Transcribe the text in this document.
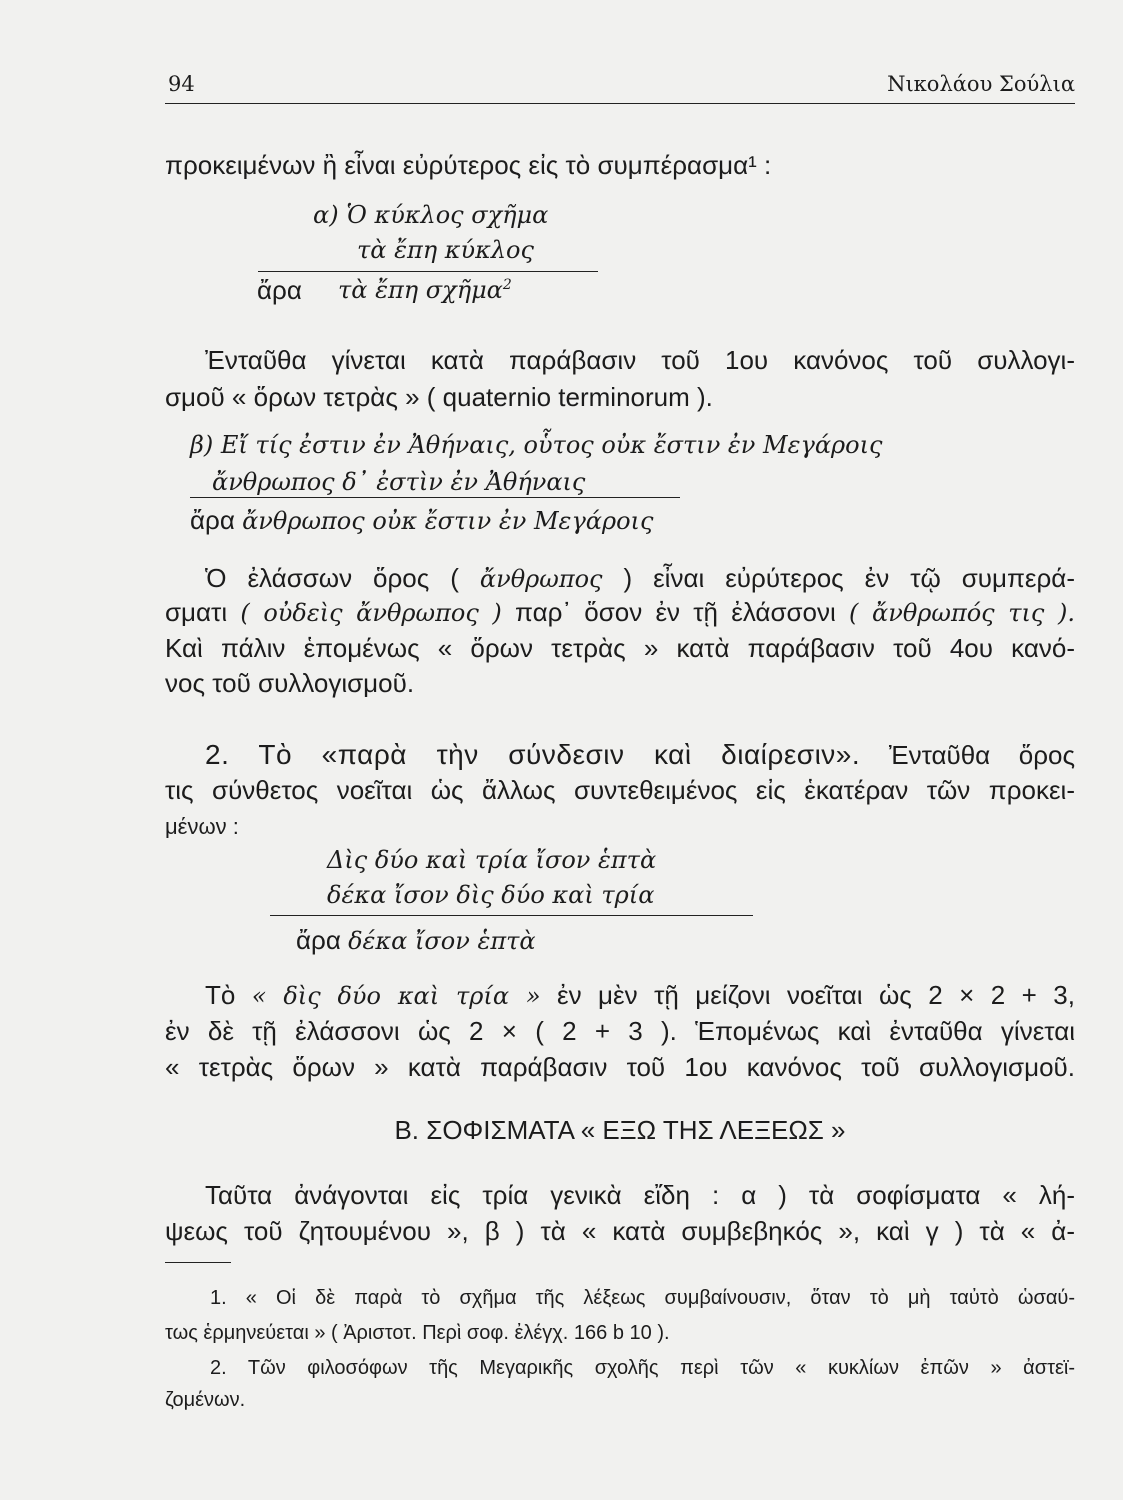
94	Νικολάου Σούλια
προκειμένων ἢ εἶναι εὐρύτερος εἰς τὸ συμπέρασμα¹ :
α) Ὁ κύκλος σχῆμα
τὰ ἔπη κύκλος
ἄρα τὰ ἔπη σχῆμα$^2$
Ἐνταῦθα γίνεται κατὰ παράβασιν τοῦ 1ου κανόνος τοῦ συλλογι-
σμοῦ « ὅρων τετρὰς » ( quaternio terminorum ).
β) Εἴ τίς ἐστιν ἐν Ἀθήναις, οὗτος οὐκ ἔστιν ἐν Μεγάροις
ἄνθρωπος δ᾽ ἐστὶν ἐν Ἀθήναις
ἄρα ἄνθρωπος οὐκ ἔστιν ἐν Μεγάροις
Ὁ ἐλάσσων ὅρος ( ἄνθρωπος ) εἶναι εὐρύτερος ἐν τῷ συμπερά-
σματι ( οὐδεὶς ἄνθρωπος ) παρ᾽ ὅσον ἐν τῇ ἐλάσσονι ( ἄνθρωπός τις ).
Καὶ πάλιν ἑπομένως « ὅρων τετρὰς » κατὰ παράβασιν τοῦ 4ου κανό-
νος τοῦ συλλογισμοῦ.
2. Τὸ «παρὰ τὴν σύνδεσιν καὶ διαίρεσιν». Ἐνταῦθα ὅρος
τις σύνθετος νοεῖται ὡς ἄλλως συντεθειμένος εἰς ἑκατέραν τῶν προκει-
μένων :
Δὶς δύο καὶ τρία ἴσον ἑπτὰ
δέκα ἴσον δὶς δύο καὶ τρία
ἄρα δέκα ἴσον ἑπτὰ
Τὸ « δὶς δύο καὶ τρία » ἐν μὲν τῇ μείζονι νοεῖται ὡς 2 × 2 + 3,
ἐν δὲ τῇ ἐλάσσονι ὡς 2 × ( 2 + 3 ). Ἑπομένως καὶ ἐνταῦθα γίνεται
« τετρὰς ὅρων » κατὰ παράβασιν τοῦ 1ου κανόνος τοῦ συλλογισμοῦ.
Β. ΣΟΦΙΣΜΑΤΑ « ΕΞΩ ΤΗΣ ΛΕΞΕΩΣ »
Ταῦτα ἀνάγονται εἰς τρία γενικὰ εἴδη : α ) τὰ σοφίσματα « λή-
ψεως τοῦ ζητουμένου », β ) τὰ « κατὰ συμβεβηκός », καὶ γ ) τὰ « ἀ-
1. « Οἱ δὲ παρὰ τὸ σχῆμα τῆς λέξεως συμβαίνουσιν, ὅταν τὸ μὴ ταὐτὸ ὡσαύ-
τως ἑρμηνεύεται » ( Ἀριστοτ. Περὶ σοφ. ἐλέγχ. 166 b 10 ).
2. Τῶν φιλοσόφων τῆς Μεγαρικῆς σχολῆς περὶ τῶν « κυκλίων ἐπῶν » ἀστεϊ-
ζομένων.
